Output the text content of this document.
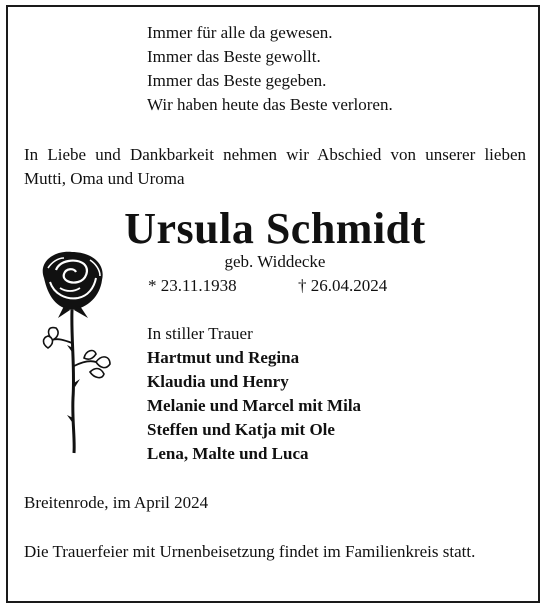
Immer für alle da gewesen.
Immer das Beste gewollt.
Immer das Beste gegeben.
Wir haben heute das Beste verloren.
In Liebe und Dankbarkeit nehmen wir Abschied von unserer lieben Mutti, Oma und Uroma
Ursula Schmidt
geb. Widdecke
* 23.11.1938	† 26.04.2024
In stiller Trauer
Hartmut und Regina
Klaudia und Henry
Melanie und Marcel mit Mila
Steffen und Katja mit Ole
Lena, Malte und Luca
Breitenrode, im April 2024
Die Trauerfeier mit Urnenbeisetzung findet im Familienkreis statt.
